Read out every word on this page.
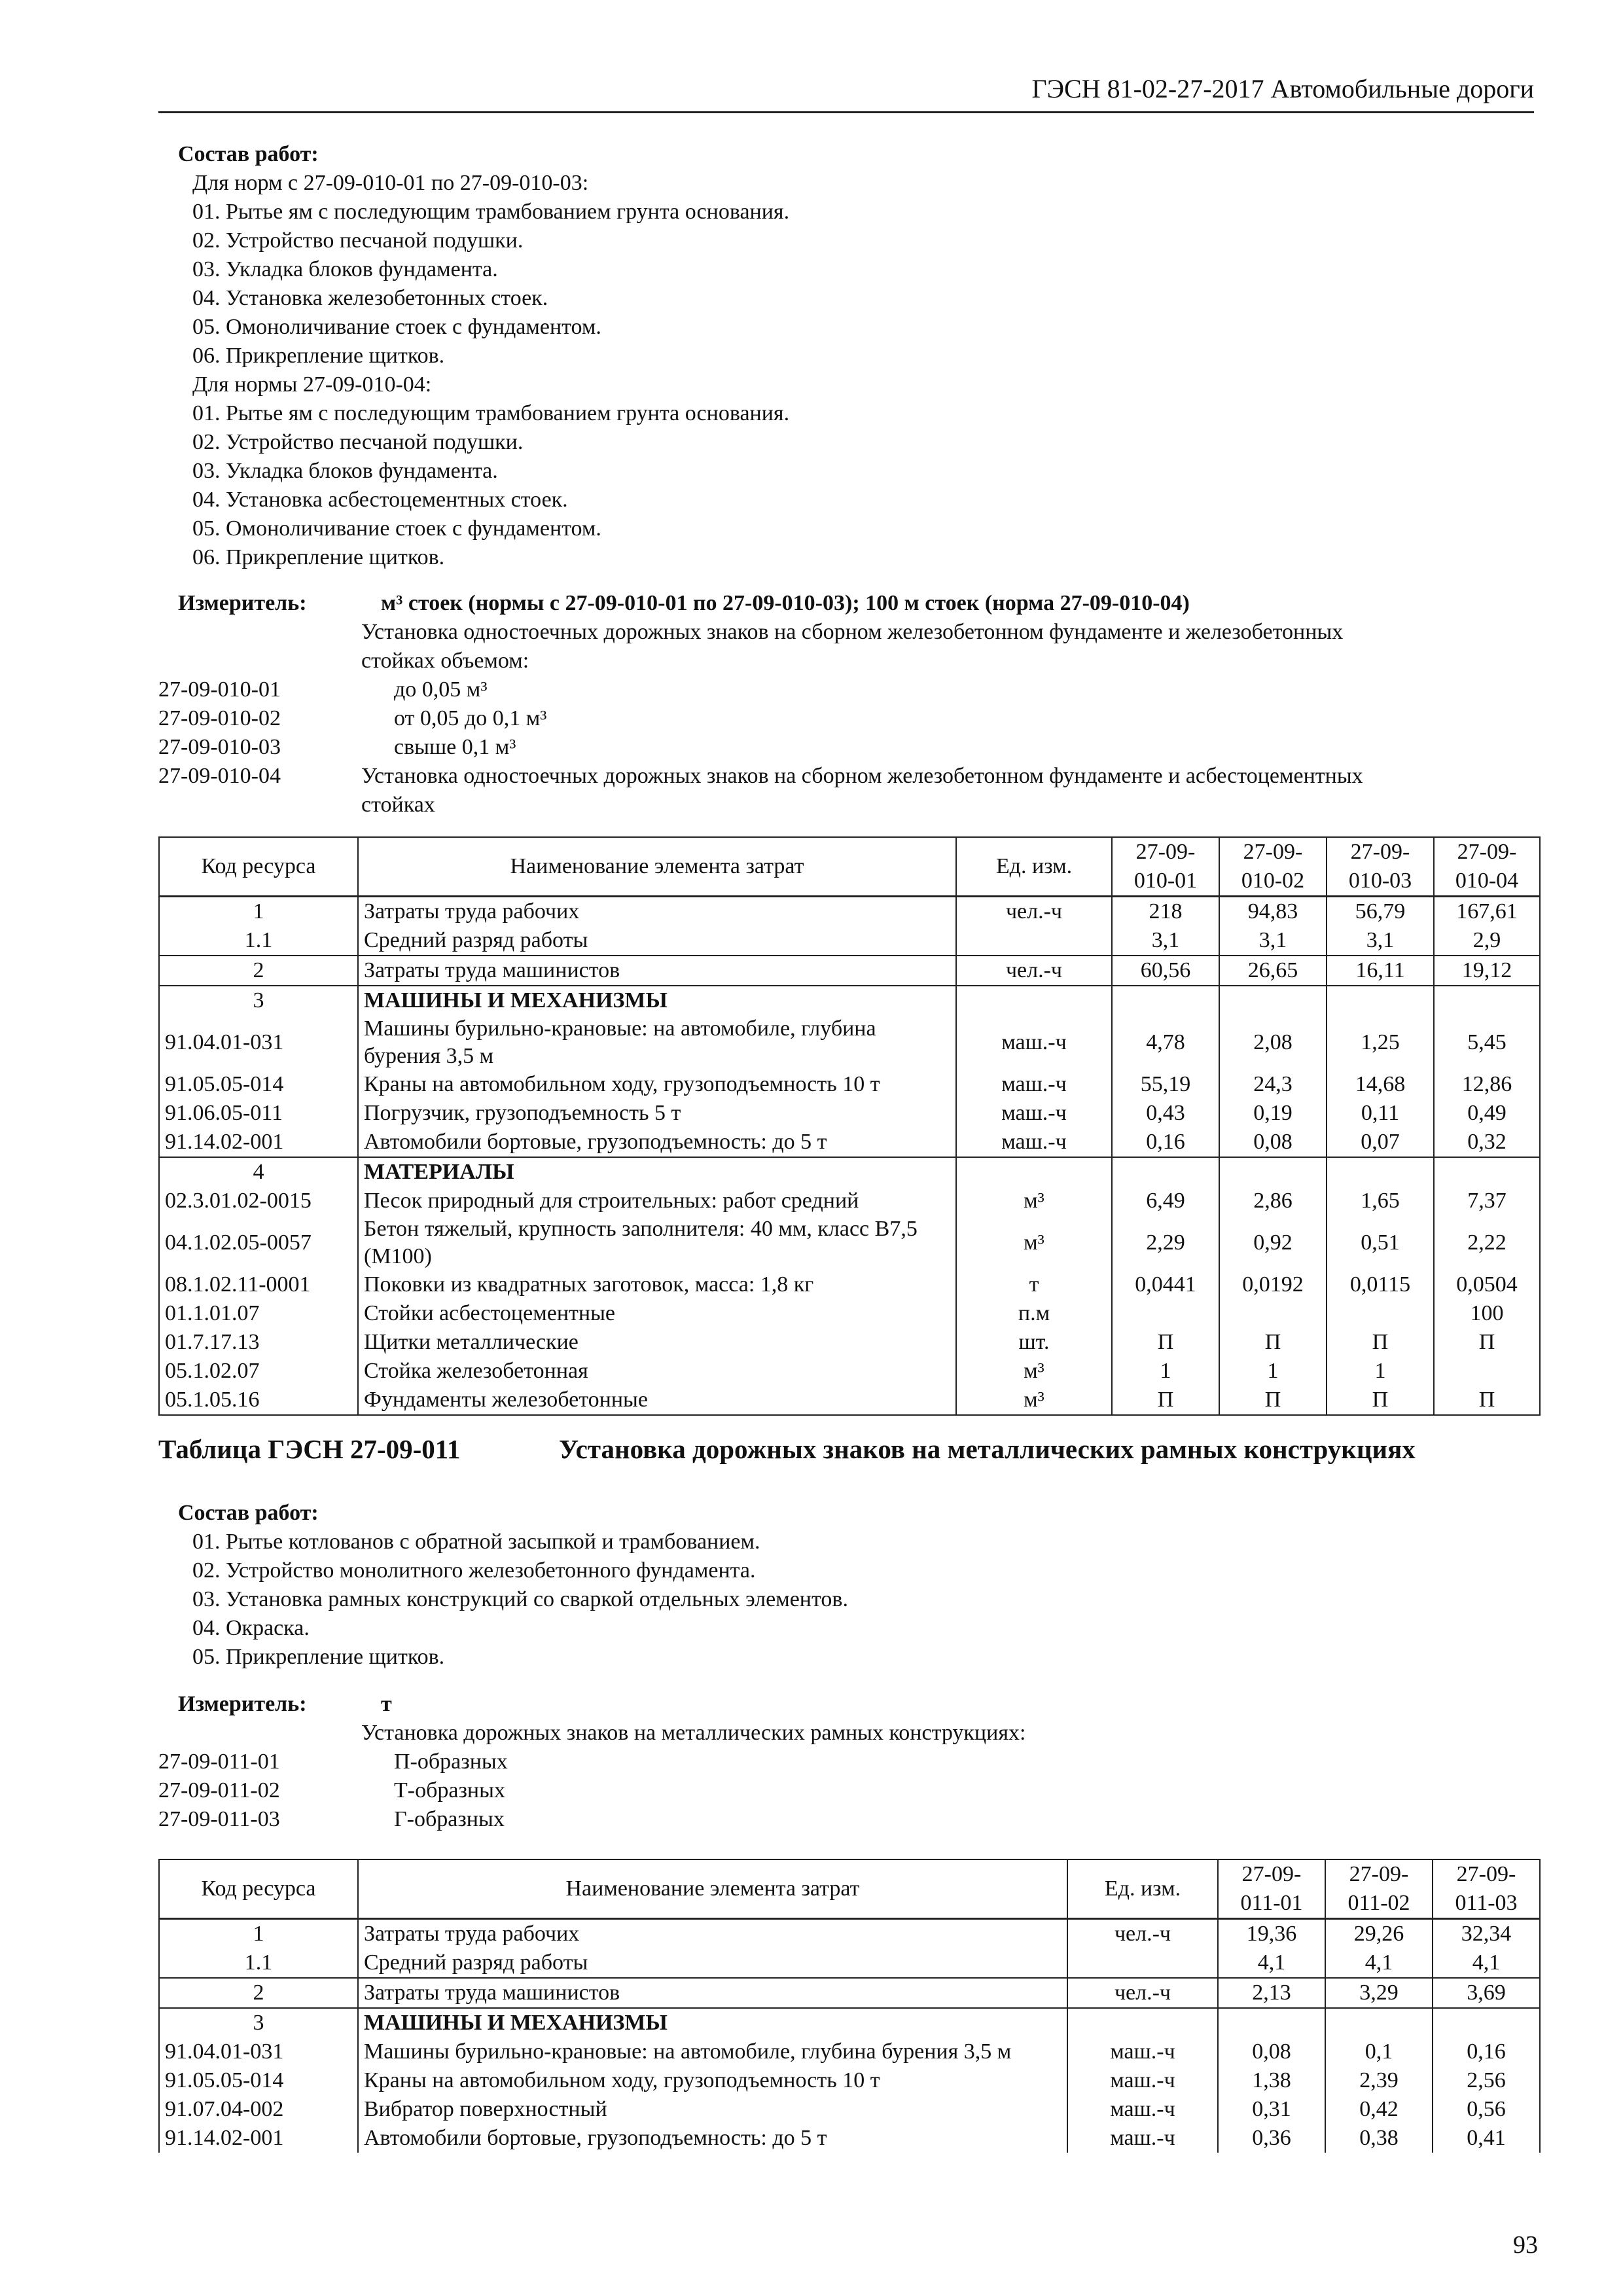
ГЭСН 81-02-27-2017 Автомобильные дороги
Состав работ:
Для норм с 27-09-010-01 по 27-09-010-03:
01. Рытье ям с последующим трамбованием грунта основания.
02. Устройство песчаной подушки.
03. Укладка блоков фундамента.
04. Установка железобетонных стоек.
05. Омоноличивание стоек с фундаментом.
06. Прикрепление щитков.
Для нормы 27-09-010-04:
01. Рытье ям с последующим трамбованием грунта основания.
02. Устройство песчаной подушки.
03. Укладка блоков фундамента.
04. Установка асбестоцементных стоек.
05. Омоноличивание стоек с фундаментом.
06. Прикрепление щитков.
Измеритель:	м³ стоек (нормы с 27-09-010-01 по 27-09-010-03); 100 м стоек (норма 27-09-010-04)
Установка одностоечных дорожных знаков на сборном железобетонном фундаменте и железобетонных
стойках объемом:
27-09-010-01	до 0,05 м³
27-09-010-02	от 0,05 до 0,1 м³
27-09-010-03	свыше 0,1 м³
27-09-010-04	Установка одностоечных дорожных знаков на сборном железобетонном фундаменте и асбестоцементных
стойках
Код ресурса	Наименование элемента затрат	Ед. изм.	27-09-010-01	27-09-010-02	27-09-010-03	27-09-010-04
1	Затраты труда рабочих	чел.-ч	218	94,83	56,79	167,61
1.1	Средний разряд работы		3,1	3,1	3,1	2,9
2	Затраты труда машинистов	чел.-ч	60,56	26,65	16,11	19,12
3	МАШИНЫ И МЕХАНИЗМЫ					
91.04.01-031	Машины бурильно-крановые: на автомобиле, глубина бурения 3,5 м	маш.-ч	4,78	2,08	1,25	5,45
91.05.05-014	Краны на автомобильном ходу, грузоподъемность 10 т	маш.-ч	55,19	24,3	14,68	12,86
91.06.05-011	Погрузчик, грузоподъемность 5 т	маш.-ч	0,43	0,19	0,11	0,49
91.14.02-001	Автомобили бортовые, грузоподъемность: до 5 т	маш.-ч	0,16	0,08	0,07	0,32
4	МАТЕРИАЛЫ					
02.3.01.02-0015	Песок природный для строительных: работ средний	м³	6,49	2,86	1,65	7,37
04.1.02.05-0057	Бетон тяжелый, крупность заполнителя: 40 мм, класс В7,5 (М100)	м³	2,29	0,92	0,51	2,22
08.1.02.11-0001	Поковки из квадратных заготовок, масса: 1,8 кг	т	0,0441	0,0192	0,0115	0,0504
01.1.01.07	Стойки асбестоцементные	п.м				100
01.7.17.13	Щитки металлические	шт.	П	П	П	П
05.1.02.07	Стойка железобетонная	м³	1	1	1	
05.1.05.16	Фундаменты железобетонные	м³	П	П	П	П
Таблица ГЭСН 27-09-011	Установка дорожных знаков на металлических рамных конструкциях
Состав работ:
01. Рытье котлованов с обратной засыпкой и трамбованием.
02. Устройство монолитного железобетонного фундамента.
03. Установка рамных конструкций со сваркой отдельных элементов.
04. Окраска.
05. Прикрепление щитков.
Измеритель:	т
Установка дорожных знаков на металлических рамных конструкциях:
27-09-011-01	П-образных
27-09-011-02	Т-образных
27-09-011-03	Г-образных
Код ресурса	Наименование элемента затрат	Ед. изм.	27-09-011-01	27-09-011-02	27-09-011-03
1	Затраты труда рабочих	чел.-ч	19,36	29,26	32,34
1.1	Средний разряд работы		4,1	4,1	4,1
2	Затраты труда машинистов	чел.-ч	2,13	3,29	3,69
3	МАШИНЫ И МЕХАНИЗМЫ				
91.04.01-031	Машины бурильно-крановые: на автомобиле, глубина бурения 3,5 м	маш.-ч	0,08	0,1	0,16
91.05.05-014	Краны на автомобильном ходу, грузоподъемность 10 т	маш.-ч	1,38	2,39	2,56
91.07.04-002	Вибратор поверхностный	маш.-ч	0,31	0,42	0,56
91.14.02-001	Автомобили бортовые, грузоподъемность: до 5 т	маш.-ч	0,36	0,38	0,41
93
